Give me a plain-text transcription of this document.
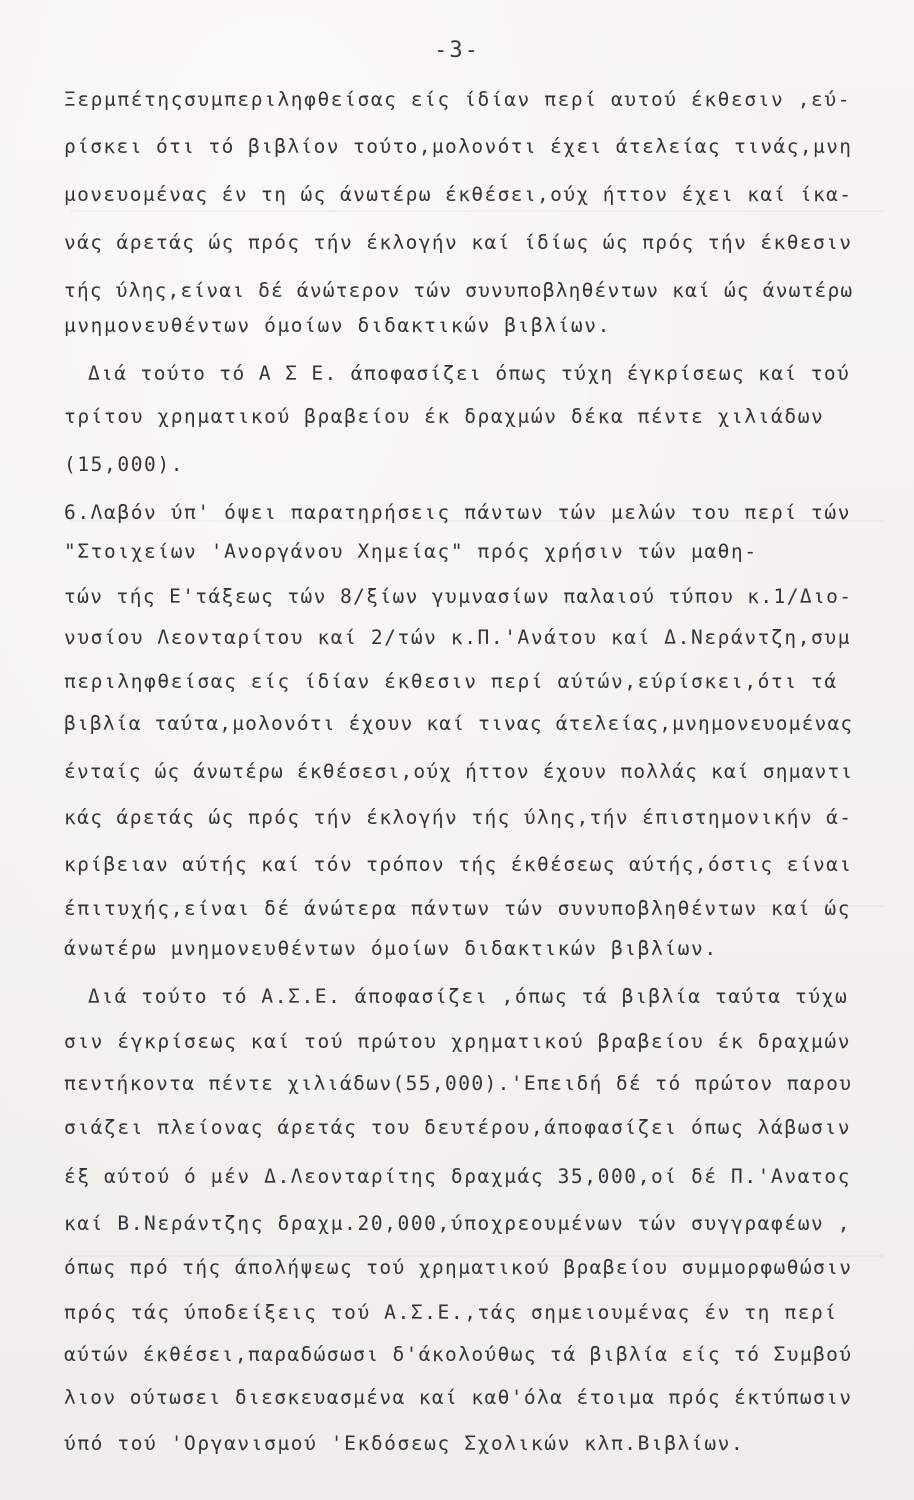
-3-
Ξερμπέτηςσυμπεριληφθείσας είς ίδίαν περί αυτού έκθεσιν ,εύ-
ρίσκει ότι τό βιβλίον τούτο,μολονότι έχει άτελείας τινάς,μνη
μονευομένας έν τη ώς άνωτέρω έκθέσει,ούχ ήττον έχει καί ίκα-
νάς άρετάς ώς πρός τήν έκλογήν καί ίδίως ώς πρός τήν έκθεσιν
τής ύλης,είναι δέ άνώτερον τών συνυποβληθέντων καί ώς άνωτέρω
μνημονευθέντων όμοίων διδακτικών βιβλίων.
Διά τούτο τό Α Σ Ε. άποφασίζει όπως τύχη έγκρίσεως καί τού
τρίτου χρηματικού βραβείου έκ δραχμών δέκα πέντε χιλιάδων
(15,000).
6.Λαβόν ύπ' όψει παρατηρήσεις πάντων τών μελών του περί τών
"Στοιχείων 'Ανοργάνου Χημείας" πρός χρήσιν τών μαθη-
τών τής Ε'τάξεως τών 8/ξίων γυμνασίων παλαιού τύπου κ.1/Διο-
νυσίου Λεονταρίτου καί 2/τών κ.Π.'Ανάτου καί Δ.Νεράντζη,συμ
περιληφθείσας είς ίδίαν έκθεσιν περί αύτών,εύρίσκει,ότι τά
βιβλία ταύτα,μολονότι έχουν καί τινας άτελείας,μνημονευομένας
ένταίς ώς άνωτέρω έκθέσεσι,ούχ ήττον έχουν πολλάς καί σημαντι
κάς άρετάς ώς πρός τήν έκλογήν τής ύλης,τήν έπιστημονικήν ά-
κρίβειαν αύτής καί τόν τρόπον τής έκθέσεως αύτής,όστις είναι
έπιτυχής,είναι δέ άνώτερα πάντων τών συνυποβληθέντων καί ώς
άνωτέρω μνημονευθέντων όμοίων διδακτικών βιβλίων.
Διά τούτο τό Α.Σ.Ε. άποφασίζει ,όπως τά βιβλία ταύτα τύχω
σιν έγκρίσεως καί τού πρώτου χρηματικού βραβείου έκ δραχμών
πεντήκοντα πέντε χιλιάδων(55,000).'Επειδή δέ τό πρώτον παρου
σιάζει πλείονας άρετάς του δευτέρου,άποφασίζει όπως λάβωσιν
έξ αύτού ό μέν Δ.Λεονταρίτης δραχμάς 35,000,οί δέ Π.'Ανατος
καί Β.Νεράντζης δραχμ.20,000,ύποχρεουμένων τών συγγραφέων ,
όπως πρό τής άπολήψεως τού χρηματικού βραβείου συμμορφωθώσιν
πρός τάς ύποδείξεις τού Α.Σ.Ε.,τάς σημειουμένας έν τη περί
αύτών έκθέσει,παραδώσωσι δ'άκολούθως τά βιβλία είς τό Συμβού
λιον ούτωσει διεσκευασμένα καί καθ'όλα έτοιμα πρός έκτύπωσιν
ύπό τού 'Οργανισμού 'Εκδόσεως Σχολικών κλπ.Βιβλίων.
